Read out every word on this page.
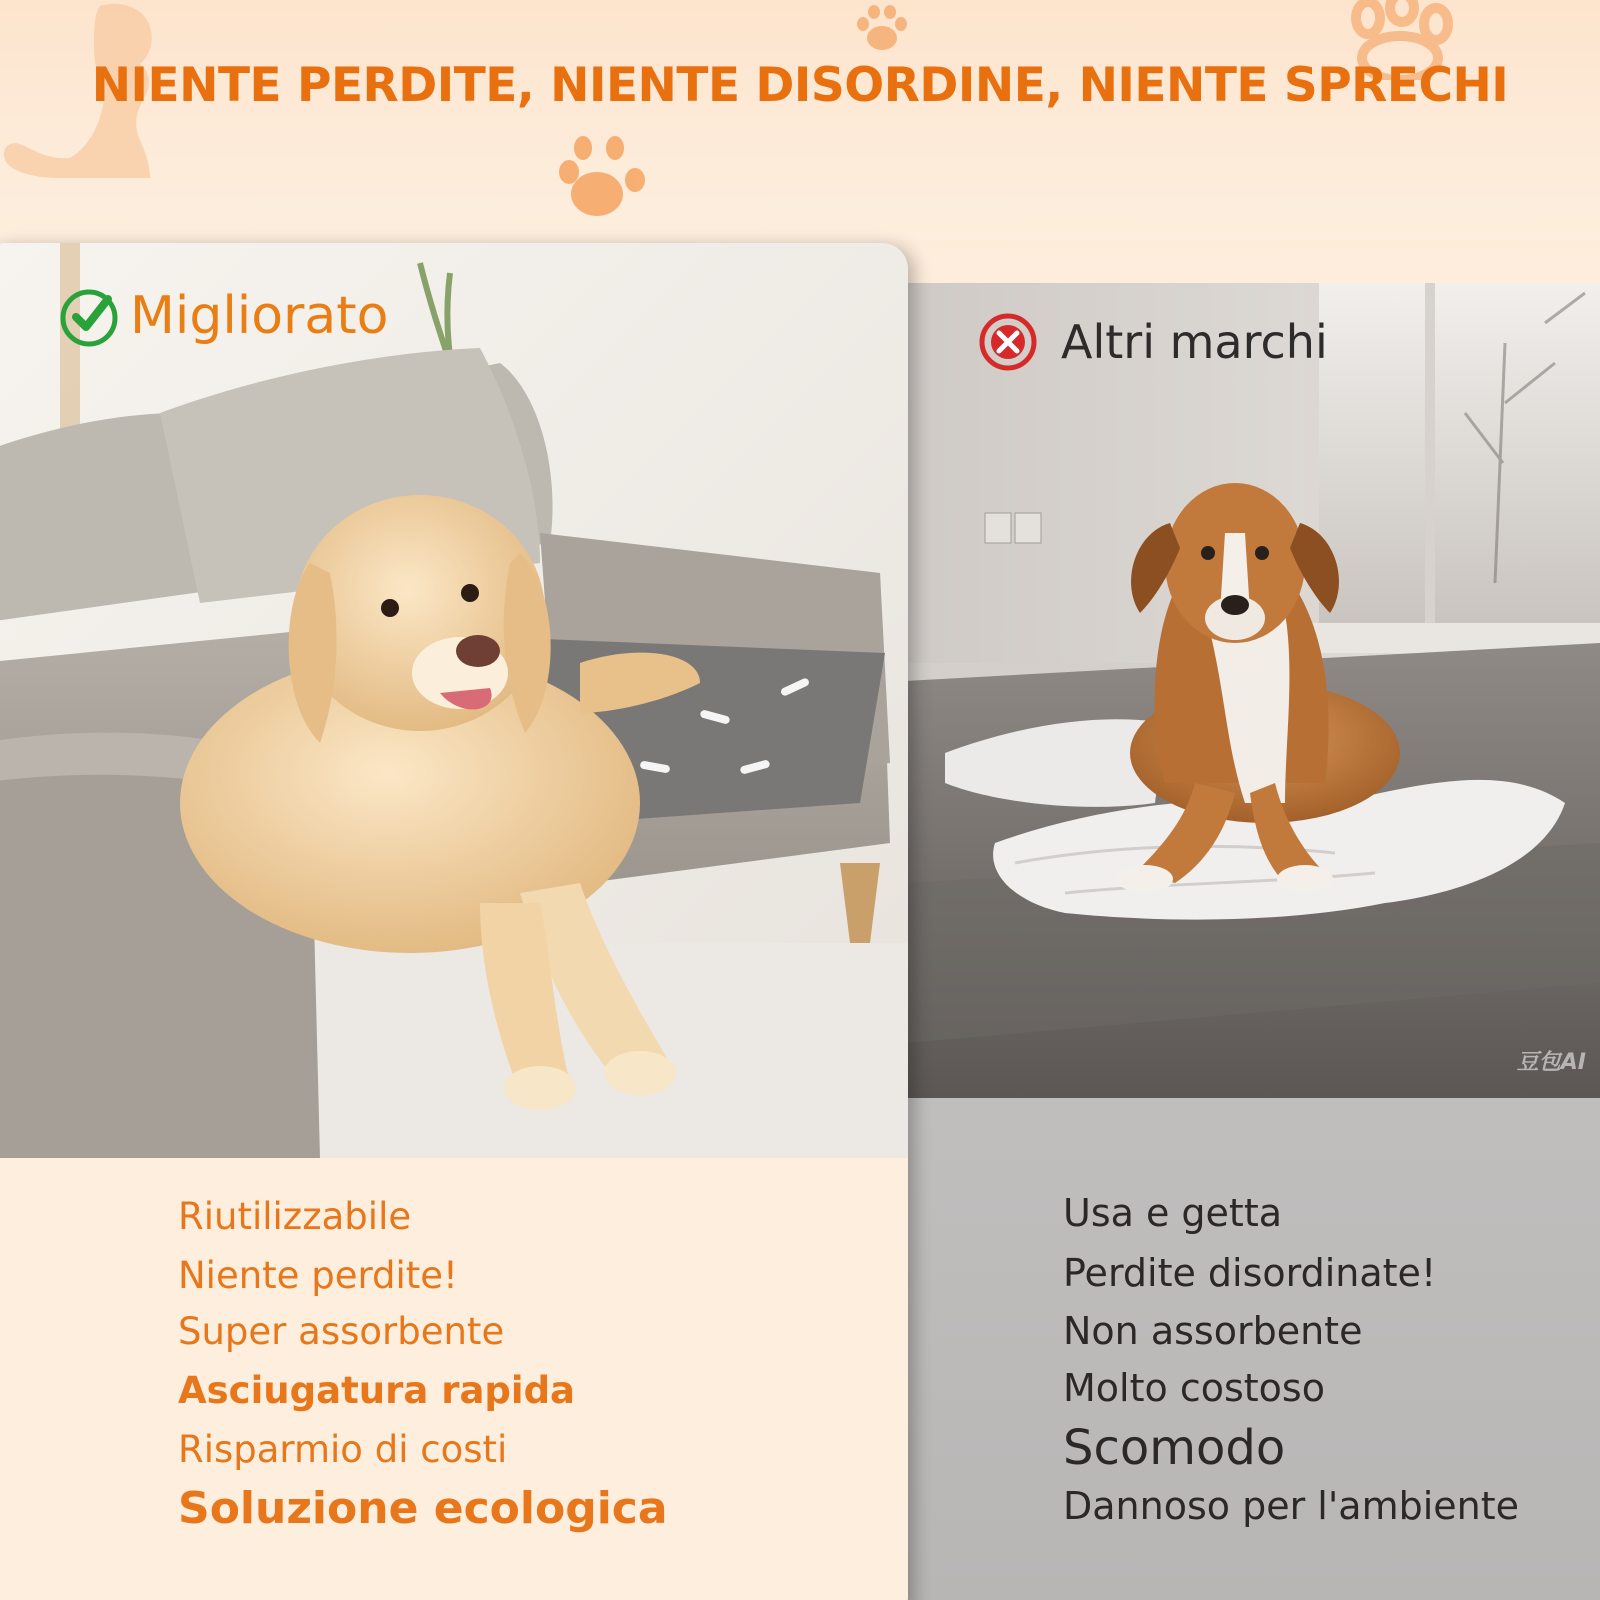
NIENTE PERDITE, NIENTE DISORDINE, NIENTE SPRECHI
Altri marchi
豆包AI
Usa e getta
Perdite disordinate!
Non assorbente
Molto costoso
Scomodo
Dannoso per l'ambiente
Migliorato
Riutilizzabile
Niente perdite!
Super assorbente
Asciugatura rapida
Risparmio di costi
Soluzione ecologica
